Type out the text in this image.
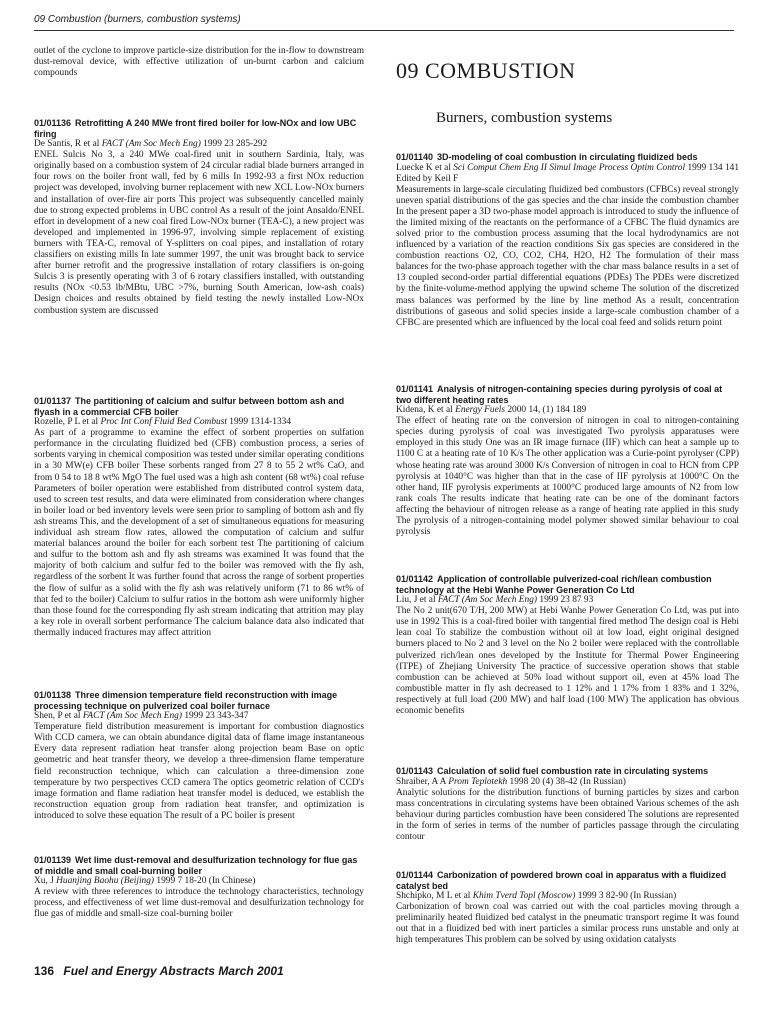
09 Combustion (burners, combustion systems)
09 COMBUSTION
Burners, combustion systems

outlet of the cyclone to improve particle-size distribution for the in-flow to downstream dust-removal device, with effective utilization of un-burnt carbon and calcium compounds

01/01136 Retrofitting A 240 MWe front fired boiler for low-NOx and low UBC firing

De Santis, R et al FACT (Am Soc Mech Eng) 1999 23 285-292

ENEL Sulcis No 3, a 240 MWe coal-fired unit in southern Sardinia, Italy, was originally based on a combustion system of 24 circular radial blade burners arranged in four rows on the boiler front wall, fed by 6 mills In 1992-93 a first NOx reduction project was developed, involving burner replacement with new XCL Low-NOx burners and installation of over-fire air ports This project was subsequently cancelled mainly due to strong expected problems in UBC control As a result of the joint Ansaldo/ENEL effort in development of a new coal fired Low-NOx burner (TEA-C), a new project was developed and implemented in 1996-97, involving simple replacement of existing burners with TEA-C, removal of Y-splitters on coal pipes, and installation of rotary classifiers on existing mills In late summer 1997, the unit was brought back to service after burner retrofit and the progressive installation of rotary classifiers is on-going Sulcis 3 is presently operating with 3 of 6 rotary classifiers installed, with outstanding results (NOx <0.53 lb/MBtu, UBC >7%, burning South American, low-ash coals) Design choices and results obtained by field testing the newly installed Low-NOx combustion system are discussed

01/01137 The partitioning of calcium and sulfur between bottom ash and flyash in a commercial CFB boiler

Rozelle, P L et al Proc Int Conf Fluid Bed Combust 1999 1314-1334

As part of a programme to examine the effect of sorbent properties on sulfation performance in the circulating fluidized bed (CFB) combustion process, a series of sorbents varying in chemical composition was tested under similar operating conditions in a 30 MW(e) CFB boiler These sorbents ranged from 27 8 to 55 2 wt% CaO, and from 0 54 to 18 8 wt% MgO The fuel used was a high ash content (68 wt%) coal refuse Parameters of boiler operation were established from distributed control system data, used to screen test results, and data were eliminated from consideration where changes in boiler load or bed inventory levels were seen prior to sampling of bottom ash and fly ash streams This, and the development of a set of simultaneous equations for measuring individual ash stream flow rates, allowed the computation of calcium and sulfur material balances around the boiler for each sorbent test The partitioning of calcium and sulfur to the bottom ash and fly ash streams was examined It was found that the majority of both calcium and sulfur fed to the boiler was removed with the fly ash, regardless of the sorbent It was further found that across the range of sorbent properties the flow of sulfur as a solid with the fly ash was relatively uniform (71 to 86 wt% of that fed to the boiler) Calcium to sulfur ratios in the bottom ash were uniformly higher than those found for the corresponding fly ash stream indicating that attrition may play a key role in overall sorbent performance The calcium balance data also indicated that thermally induced fractures may affect attrition

01/01138 Three dimension temperature field reconstruction with image processing technique on pulverized coal boiler furnace

Shen, P et al FACT (Am Soc Mech Eng) 1999 23 343-347

Temperature field distribution measurement is important for combustion diagnostics With CCD camera, we can obtain abundance digital data of flame image instantaneous Every data represent radiation heat transfer along projection beam Base on optic geometric and heat transfer theory, we develop a three-dimension flame temperature field reconstruction technique, which can calculation a three-dimension zone temperature by two perspectives CCD camera The optics geometric relation of CCD's image formation and flame radiation heat transfer model is deduced, we establish the reconstruction equation group from radiation heat transfer, and optimization is introduced to solve these equation The result of a PC boiler is present

01/01139 Wet lime dust-removal and desulfurization technology for flue gas of middle and small coal-burning boiler

Xu, J Huanjing Baohu (Beijing) 1999 7 18-20 (In Chinese)

A review with three references to introduce the technology characteristics, technology process, and effectiveness of wet lime dust-removal and desulfurization technology for flue gas of middle and small-size coal-burning boiler

01/01140 3D-modeling of coal combustion in circulating fluidized beds

Luecke K et al Sci Comput Chem Eng II Simul Image Process Optim Control 1999 134 141 Edited by Keil F

Measurements in large-scale circulating fluidized bed combustors (CFBCs) reveal strongly uneven spatial distributions of the gas species and the char inside the combustion chamber In the present paper a 3D two-phase model approach is introduced to study the influence of the limited mixing of the reactants on the performance of a CFBC The fluid dynamics are solved prior to the combustion process assuming that the local hydrodynamics are not influenced by a variation of the reaction conditions Six gas species are considered in the combustion reactions O2, CO, CO2, CH4, H2O, H2 The formulation of their mass balances for the two-phase approach together with the char mass balance results in a set of 13 coupled second-order partial differential equations (PDEs) The PDEs were discretized by the finite-volume-method applying the upwind scheme The solution of the discretized mass balances was performed by the line by line method As a result, concentration distributions of gaseous and solid species inside a large-scale combustion chamber of a CFBC are presented which are influenced by the local coal feed and solids return point

01/01141 Analysis of nitrogen-containing species during pyrolysis of coal at two different heating rates

Kidena, K et al Energy Fuels 2000 14, (1) 184 189

The effect of heating rate on the conversion of nitrogen in coal to nitrogen-containing species during pyrolysis of coal was investigated Two pyrolysis apparatuses were employed in this study One was an IR image furnace (IIF) which can heat a sample up to 1100 C at a heating rate of 10 K/s The other application was a Curie-point pyrolyser (CPP) whose heating rate was around 3000 K/s Conversion of nitrogen in coal to HCN from CPP pyrolysis at 1040°C was higher than that in the case of IIF pyrolysis at 1000°C On the other hand, IIF pyrolysis experiments at 1000°C produced large amounts of N2 from low rank coals The results indicate that heating rate can be one of the dominant factors affecting the behaviour of nitrogen release as a range of heating rate applied in this study The pyrolysis of a nitrogen-containing model polymer showed similar behaviour to coal pyrolysis

01/01142 Application of controllable pulverized-coal rich/lean combustion technology at the Hebi Wanhe Power Generation Co Ltd

Liu, J et al FACT (Am Soc Mech Eng) 1999 23 87 93

The No 2 unit(670 T/H, 200 MW) at Hebi Wanhe Power Generation Co Ltd, was put into use in 1992 This is a coal-fired boiler with tangential fired method The design coal is Hebi lean coal To stabilize the combustion without oil at low load, eight original designed burners placed to No 2 and 3 level on the No 2 boiler were replaced with the controllable pulverized rich/lean ones developed by the Institute for Thermal Power Engineering (ITPE) of Zhejiang University The practice of successive operation shows that stable combustion can be achieved at 50% load without support oil, even at 45% load The combustible matter in fly ash decreased to 1 12% and 1 17% from 1 83% and 1 32%, respectively at full load (200 MW) and half load (100 MW) The application has obvious economic benefits

01/01143 Calculation of solid fuel combustion rate in circulating systems

Shraiber, A A Prom Teplotekh 1998 20 (4) 38-42 (In Russian)

Analytic solutions for the distribution functions of burning particles by sizes and carbon mass concentrations in circulating systems have been obtained Various schemes of the ash behaviour during particles combustion have been considered The solutions are represented in the form of series in terms of the number of particles passage through the circulating contour

01/01144 Carbonization of powdered brown coal in apparatus with a fluidized catalyst bed

Shchipko, M L et al Khim Tverd Topl (Moscow) 1999 3 82-90 (In Russian)

Carbonization of brown coal was carried out with the coal particles moving through a preliminarily heated fluidized bed catalyst in the pneumatic transport regime It was found out that in a fluidized bed with inert particles a similar process runs unstable and only at high temperatures This problem can be solved by using oxidation catalysts

136 Fuel and Energy Abstracts March 2001
